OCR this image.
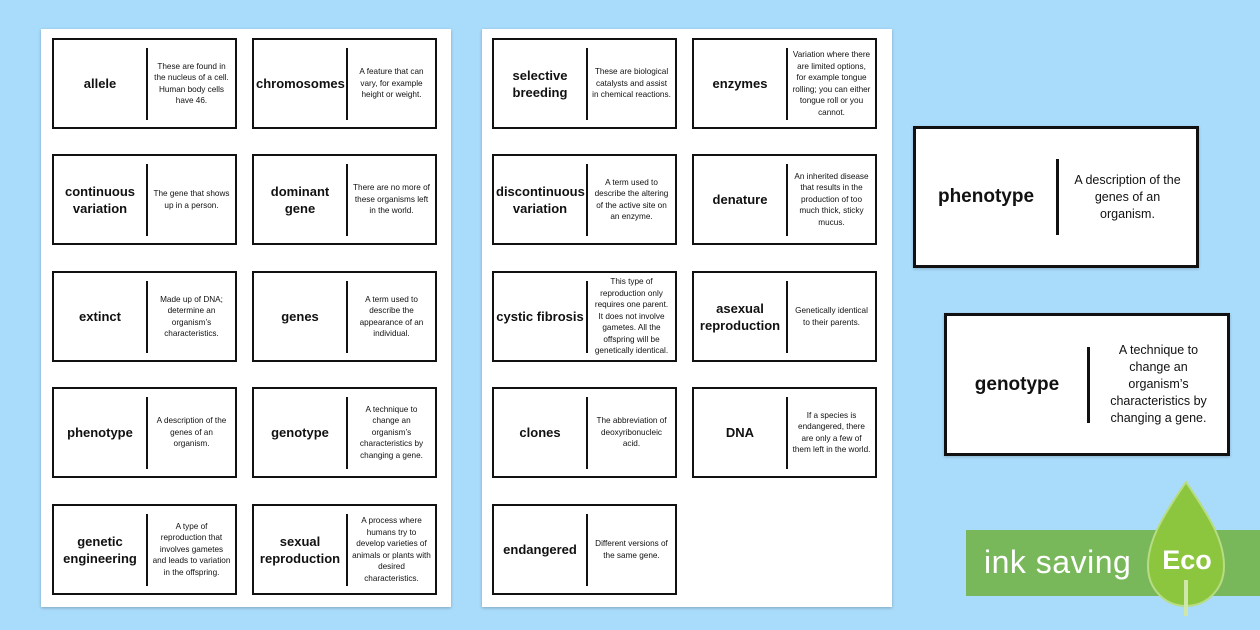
allele
These are found in the nucleus of a cell. Human body cells have 46.
chromosomes
A feature that can vary, for example height or weight.
continuous variation
The gene that shows up in a person.
dominant gene
There are no more of these organisms left in the world.
extinct
Made up of DNA; determine an organism’s characteristics.
genes
A term used to describe the appearance of an individual.
phenotype
A description of the genes of an organism.
genotype
A technique to change an organism’s characteristics by changing a gene.
genetic engineering
A type of reproduction that involves gametes and leads to variation in the offspring.
sexual reproduction
A process where humans try to develop varieties of animals or plants with desired characteristics.
selective breeding
These are biological catalysts and assist in chemical reactions.
enzymes
Variation where there are limited options, for example tongue rolling; you can either tongue roll or you cannot.
discontinuous variation
A term used to describe the altering of the active site on an enzyme.
denature
An inherited disease that results in the production of too much thick, sticky mucus.
cystic fibrosis
This type of reproduction only requires one parent. It does not involve gametes. All the offspring will be genetically identical.
asexual reproduction
Genetically identical to their parents.
clones
The abbreviation of deoxyribonucleic acid.
DNA
If a species is endangered, there are only a few of them left in the world.
endangered	Different versions of the same gene.
phenotype
A description of the genes of an organism.
genotype
A technique to change an organism’s characteristics by changing a gene.
ink saving Eco
